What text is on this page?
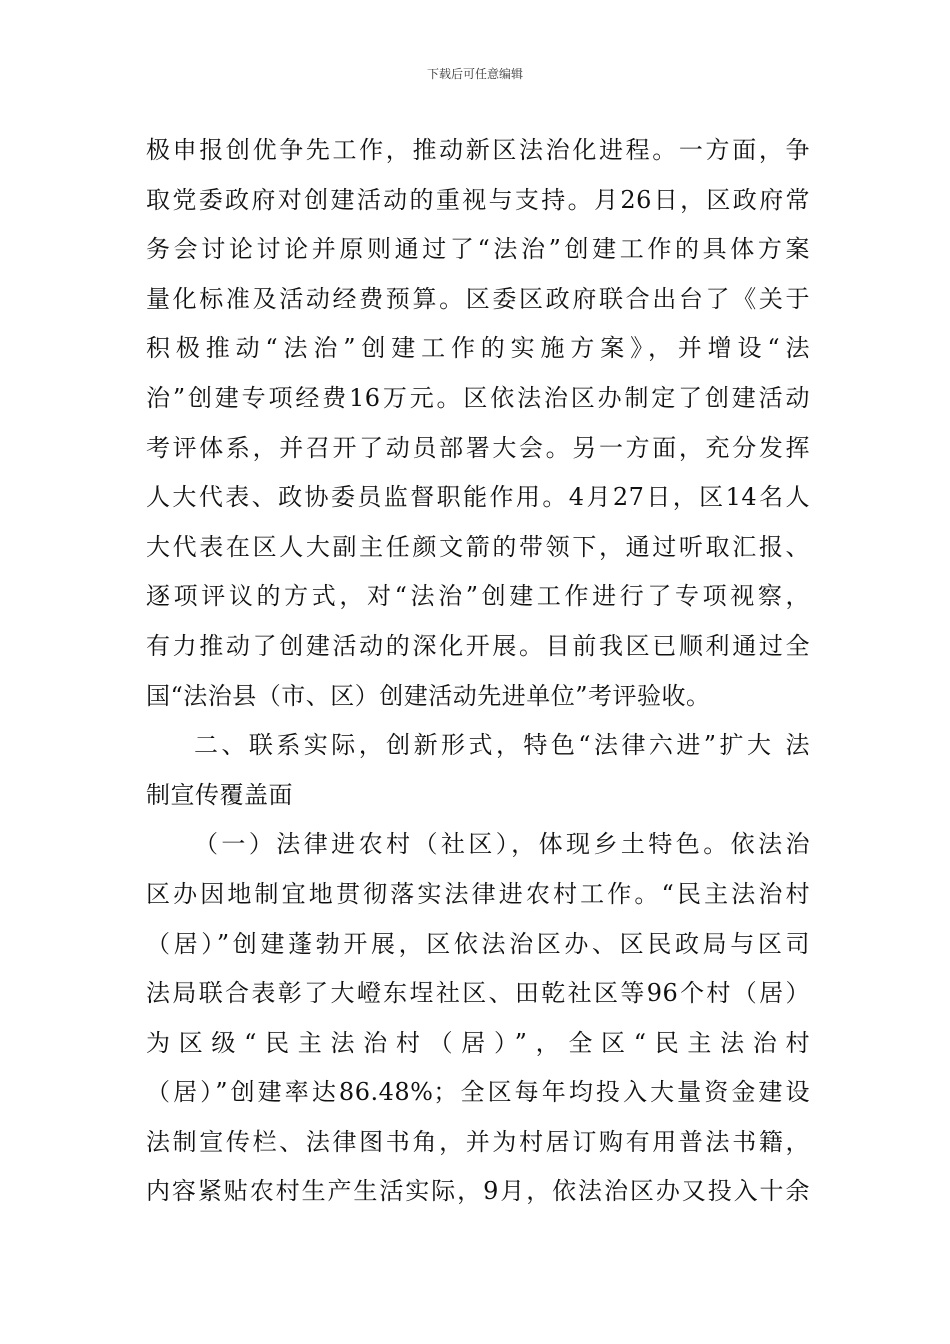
下载后可任意编辑
极申报创优争先工作，推动新区法治化进程。一方面，争
取党委政府对创建活动的重视与支持。月26日，区政府常
务会讨论讨论并原则通过了“法治”创建工作的具体方案
量化标准及活动经费预算。区委区政府联合出台了《关于
积极推动“法治”创建工作的实施方案》，并增设“法
治”创建专项经费16万元。区依法治区办制定了创建活动
考评体系，并召开了动员部署大会。另一方面，充分发挥
人大代表、政协委员监督职能作用。4月27日，区14名人
大代表在区人大副主任颜文箭的带领下，通过听取汇报、
逐项评议的方式，对“法治”创建工作进行了专项视察，
有力推动了创建活动的深化开展。目前我区已顺利通过全
国“法治县（市、区）创建活动先进单位”考评验收。
二、联系实际，创新形式，特色“法律六进”扩大 法
制宣传覆盖面
（一）法律进农村（社区），体现乡土特色。依法治
区办因地制宜地贯彻落实法律进农村工作。“民主法治村
（居）”创建蓬勃开展，区依法治区办、区民政局与区司
法局联合表彰了大嶝东埕社区、田乾社区等96个村（居）
为区级“民主法治村（居）”，全区“民主法治村
（居）”创建率达86.48%；全区每年均投入大量资金建设
法制宣传栏、法律图书角，并为村居订购有用普法书籍，
内容紧贴农村生产生活实际，9月，依法治区办又投入十余
